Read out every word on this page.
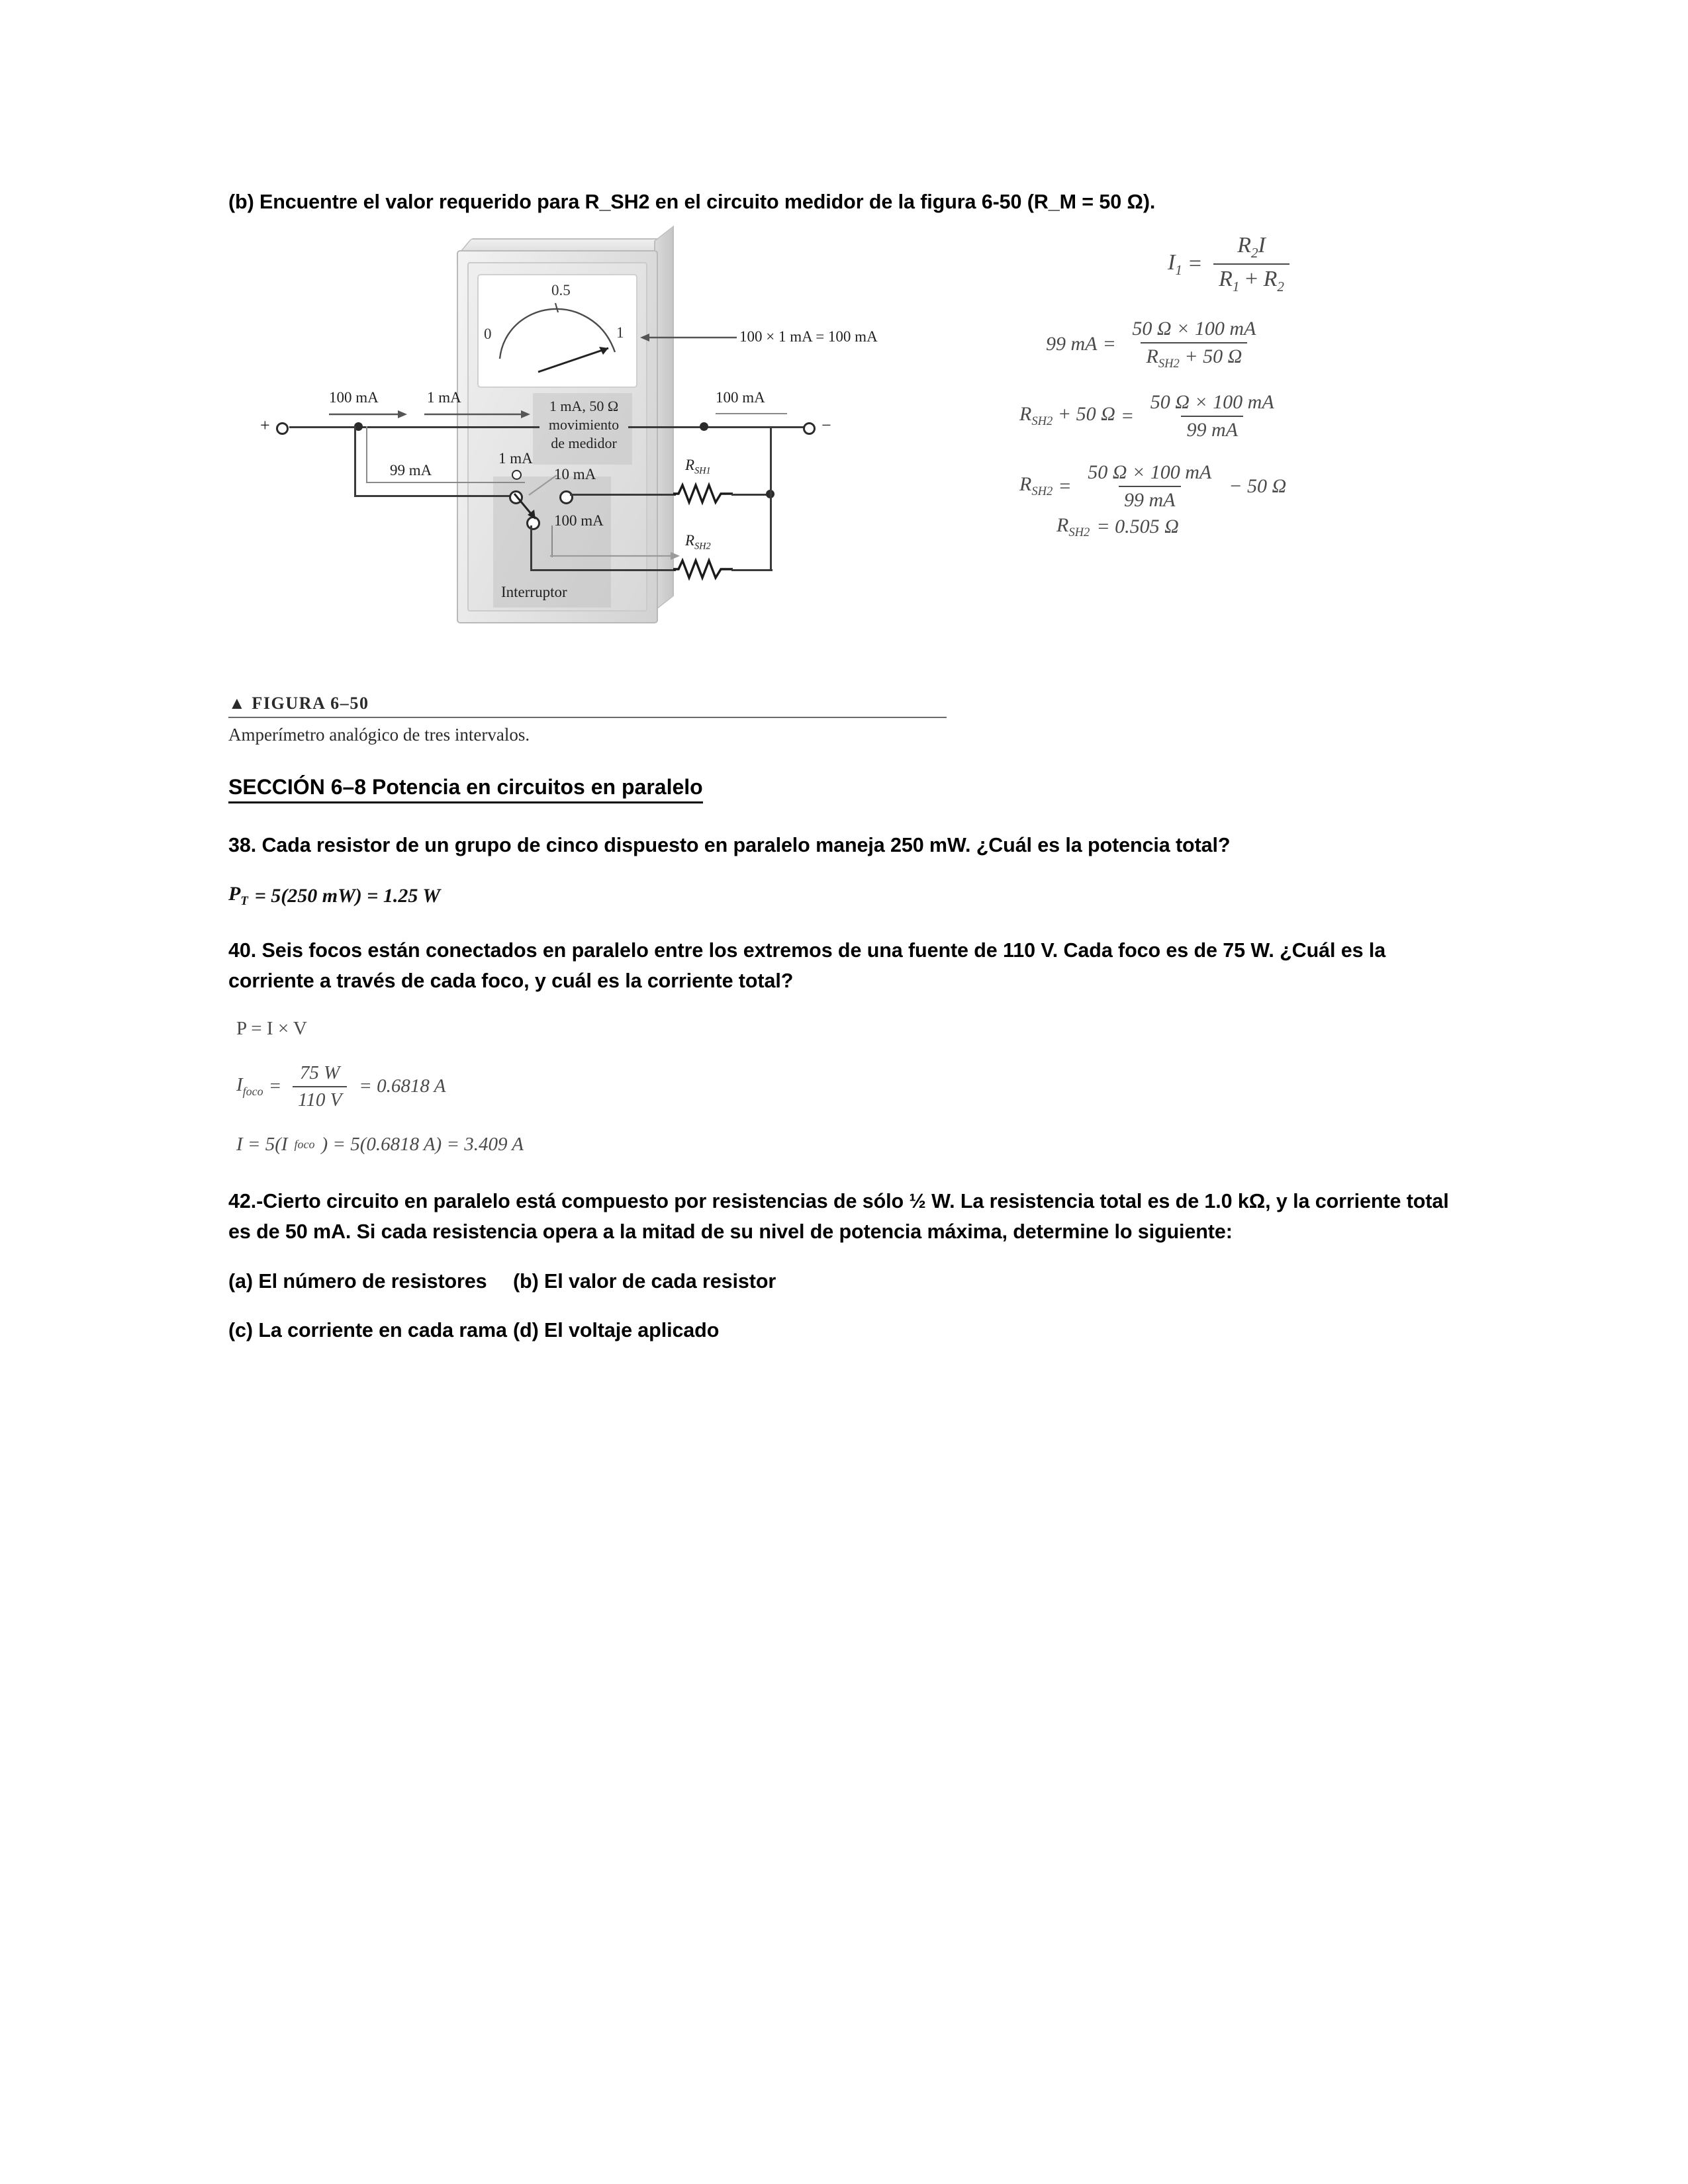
(b) Encuentre el valor requerido para R_SH2 en el circuito medidor de la figura 6-50 (R_M = 50 Ω).

0
0.5
1	100 × 1 mA = 100 mA
1 mA, 50 Ω
movimiento
de medidor
+	−
100 mA	1 mA	100 mA
99 mA
1 mA
10 mA
100 mA
$R_{SH1}$
$R_{SH2}$
Interruptor
$I_1 = \frac{R_2I}{R_1 + R_2}$
99 mA = $\frac{50 \Omega \times 100 mA}{R_{SH2} + 50 \Omega}$
$R_{SH2} + 50$ $\Omega = \frac{50 \Omega \times 100 mA}{99 mA}$
$R_{SH2} = \frac{50 \Omega \times 100 mA}{99 mA} - 50$ Ω
$R_{SH2} = 0.505$ Ω
▲ FIGURA 6–50
Amperímetro analógico de tres intervalos.
SECCIÓN 6–8 Potencia en circuitos en paralelo

38. Cada resistor de un grupo de cinco dispuesto en paralelo maneja 250 mW. ¿Cuál es la potencia total?

$P_T = 5(250$ mW) = 1.25 W

40. Seis focos están conectados en paralelo entre los extremos de una fuente de 110 V. Cada foco es de 75 W. ¿Cuál es la corriente a través de cada foco, y cuál es la corriente total?

P = I × V
$I_{foco} = \frac{75 W}{110 V} = 0.6818$ A
I = 5(I foco ) = 5(0.6818 A) = 3.409 A

42.-Cierto circuito en paralelo está compuesto por resistencias de sólo ½ W. La resistencia total es de 1.0 kΩ, y la corriente total es de 50 mA. Si cada resistencia opera a la mitad de su nivel de potencia máxima, determine lo siguiente:

(a) El número de resistores	(b) El valor de cada resistor
(c) La corriente en cada rama (d) El voltaje aplicado
